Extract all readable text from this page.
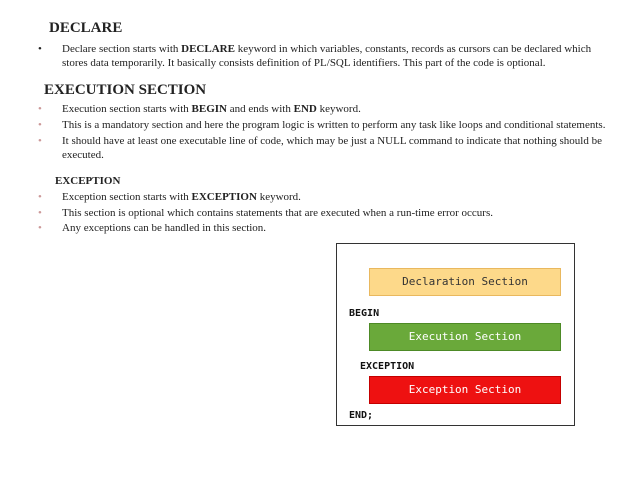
DECLARE
•	Declare section starts with DECLARE keyword in which variables, constants, records as cursors can be declared which stores data temporarily. It basically consists definition of PL/SQL identifiers. This part of the code is optional.
EXECUTION SECTION
•	Execution section starts with BEGIN and ends with END keyword.
•	This is a mandatory section and here the program logic is written to perform any task like loops and conditional statements.
•	It should have at least one executable line of code, which may be just a NULL command to indicate that nothing should be executed.
EXCEPTION
•	Exception section starts with EXCEPTION keyword.
•	This section is optional which contains statements that are executed when a run-time error occurs.
•	Any exceptions can be handled in this section.
Declaration Section
BEGIN
Execution Section
EXCEPTION
Exception Section
END;
